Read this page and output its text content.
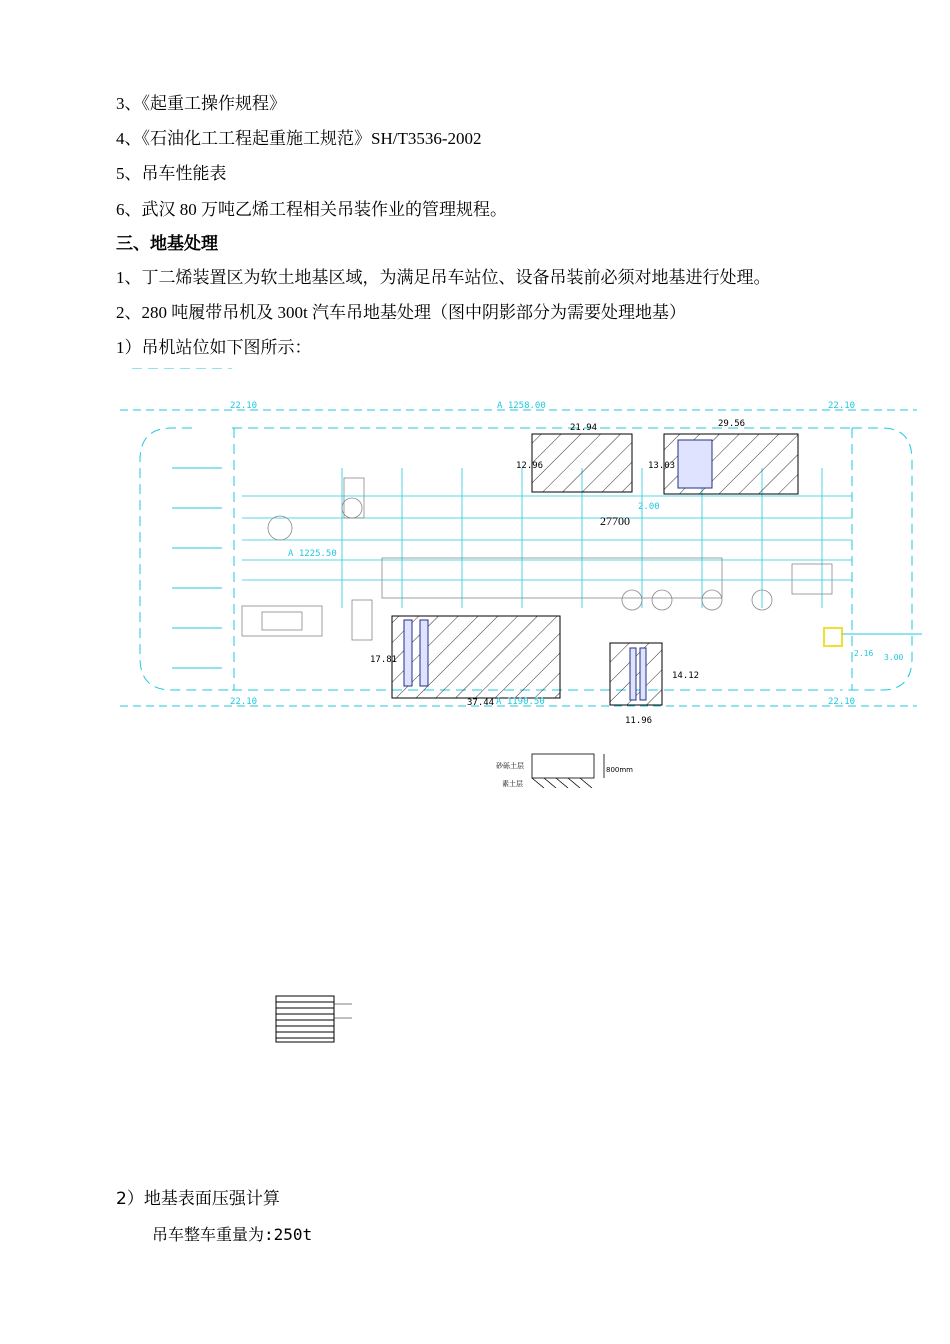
3、《起重工操作规程》
4、《石油化工工程起重施工规范》SH/T3536-2002
5、吊车性能表
6、武汉 80 万吨乙烯工程相关吊装作业的管理规程。
三、地基处理
1、丁二烯装置区为软土地基区域，为满足吊车站位、设备吊装前必须对地基进行处理。
2、280 吨履带吊机及 300t 汽车吊地基处理（图中阴影部分为需要处理地基）
1）吊机站位如下图所示：
22.10	A 1258.00	22.10
22.10	A 1190.50	22.10
A 1225.50
2.00
21.94	29.56
37.44
11.96
12.96	13.03
17.81
14.12
27700
2.16 3.00
砂砾土层
素土层
800mm
2）地基表面压强计算
吊车整车重量为:250t
